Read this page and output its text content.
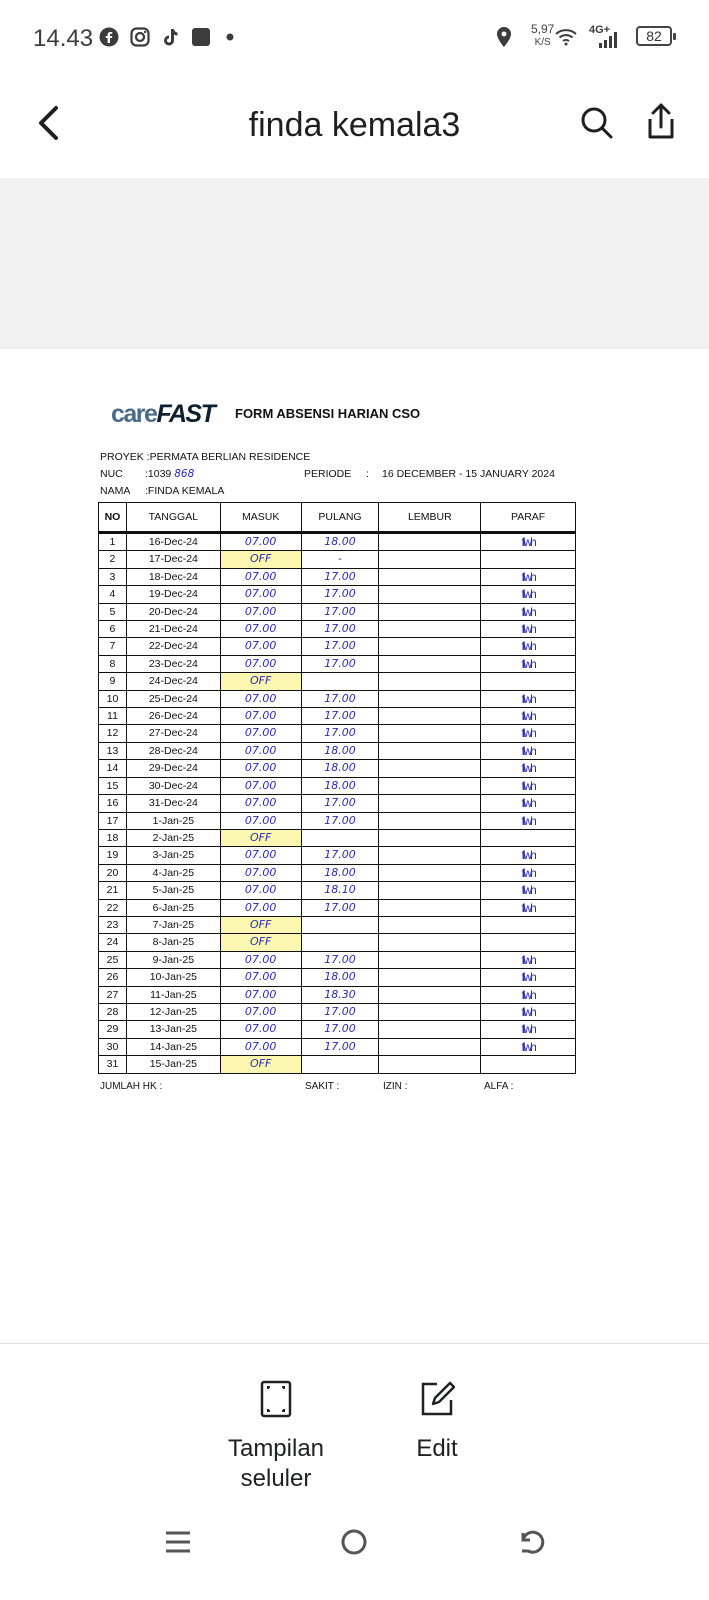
14.43	5,97
K/S
4G+	82
finda kemala3
careFAST FORM ABSENSI HARIAN CSO
PROYEK :PERMATA BERLIAN RESIDENCE
NUC :1039 868	PERIODE : 16 DECEMBER - 15 JANUARY 2024
NAMA :FINDA KEMALA
NO	TANGGAL	MASUK	PULANG	LEMBUR	PARAF
1	16-Dec-24	07.00	18.00		flwh
2	17-Dec-24	OFF	-		
3	18-Dec-24	07.00	17.00		flwh
4	19-Dec-24	07.00	17.00		flwh
5	20-Dec-24	07.00	17.00		flwh
6	21-Dec-24	07.00	17.00		flwh
7	22-Dec-24	07.00	17.00		flwh
8	23-Dec-24	07.00	17.00		flwh
9	24-Dec-24	OFF			
10	25-Dec-24	07.00	17.00		flwh
11	26-Dec-24	07.00	17.00		flwh
12	27-Dec-24	07.00	17.00		flwh
13	28-Dec-24	07.00	18.00		flwh
14	29-Dec-24	07.00	18.00		flwh
15	30-Dec-24	07.00	18.00		flwh
16	31-Dec-24	07.00	17.00		flwh
17	1-Jan-25	07.00	17.00		flwh
18	2-Jan-25	OFF			
19	3-Jan-25	07.00	17.00		flwh
20	4-Jan-25	07.00	18.00		flwh
21	5-Jan-25	07.00	18.10		flwh
22	6-Jan-25	07.00	17.00		flwh
23	7-Jan-25	OFF			
24	8-Jan-25	OFF			
25	9-Jan-25	07.00	17.00		flwh
26	10-Jan-25	07.00	18.00		flwh
27	11-Jan-25	07.00	18.30		flwh
28	12-Jan-25	07.00	17.00		flwh
29	13-Jan-25	07.00	17.00		flwh
30	14-Jan-25	07.00	17.00		flwh
31	15-Jan-25	OFF			
JUMLAH HK :	SAKIT :	IZIN :	ALFA :
Tampilan
seluler
Edit
